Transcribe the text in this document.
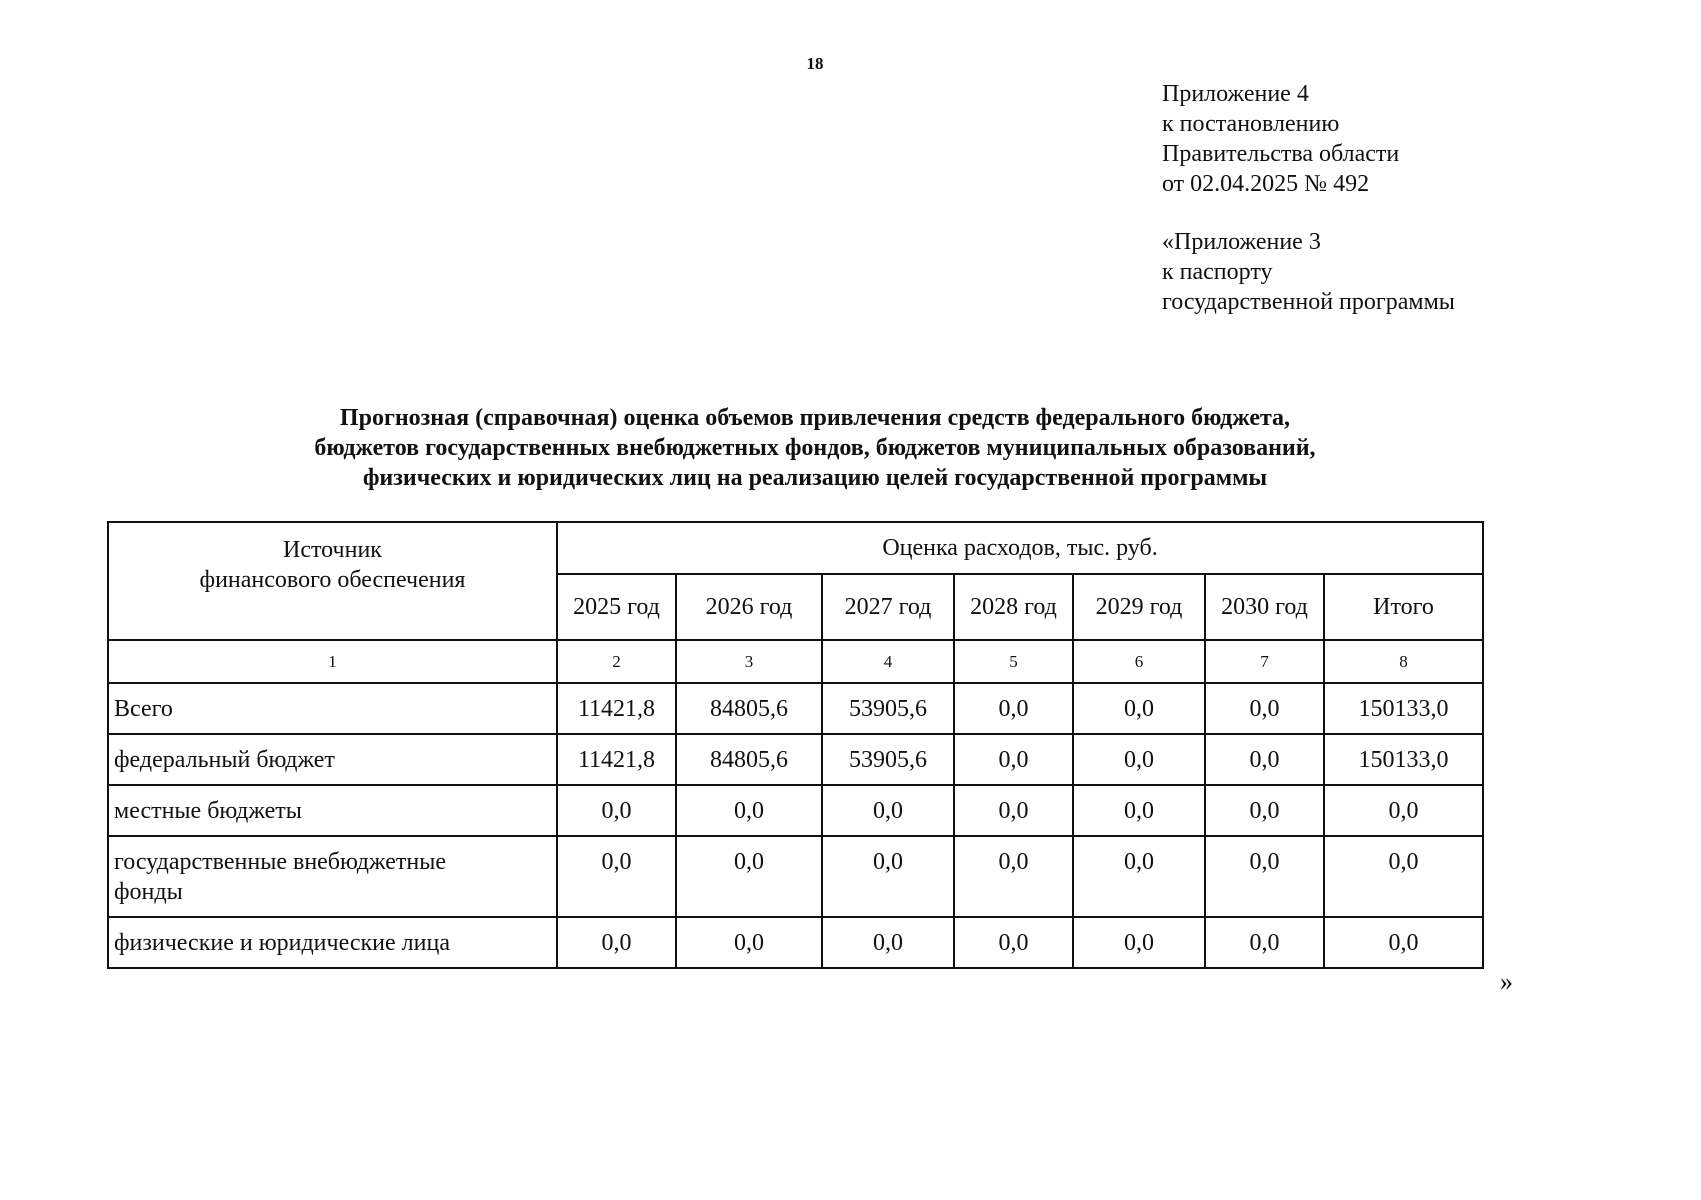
18
Приложение 4
к постановлению
Правительства области
от 02.04.2025 № 492
«Приложение 3
к паспорту
государственной программы
Прогнозная (справочная) оценка объемов привлечения средств федерального бюджета,
бюджетов государственных внебюджетных фондов, бюджетов муниципальных образований,
физических и юридических лиц на реализацию целей государственной программы
Источник
финансового обеспечения	Оценка расходов, тыс. руб.						
	2025 год	2026 год	2027 год	2028 год	2029 год	2030 год	Итого
1	2	3	4	5	6	7	8

Всего	11421,8	84805,6	53905,6	0,0	0,0	0,0	150133,0

федеральный бюджет	11421,8	84805,6	53905,6	0,0	0,0	0,0	150133,0

местные бюджеты	0,0	0,0	0,0	0,0	0,0	0,0	0,0

государственные внебюджетные
фонды	0,0	0,0	0,0	0,0	0,0	0,0	0,0

физические и юридические лица	0,0	0,0	0,0	0,0	0,0	0,0	0,0
»
